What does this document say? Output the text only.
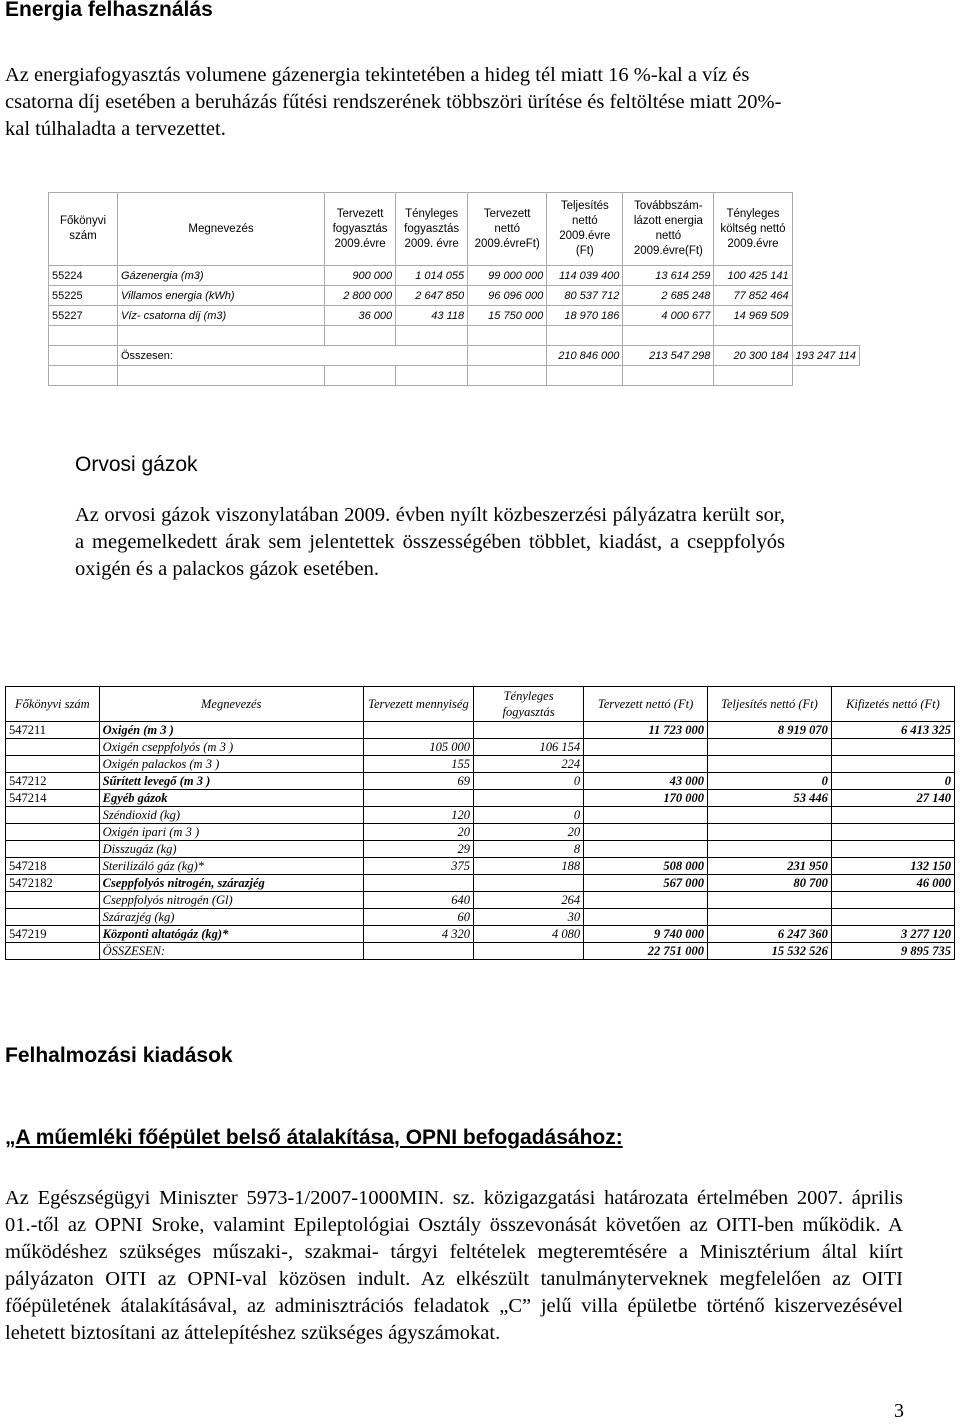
Energia felhasználás
Az energiafogyasztás volumene gázenergia tekintetében a hideg tél miatt 16 %-kal a víz és csatorna díj esetében a beruházás fűtési rendszerének többszöri ürítése és feltöltése miatt 20%-kal túlhaladta a tervezettet.
Főkönyvi szám	Megnevezés	Tervezett fogyasztás 2009.évre	Tényleges fogyasztás 2009. évre	Tervezett nettó 2009.évreFt)	Teljesítés nettó 2009.évre (Ft)	Továbbszám-lázott energia nettó 2009.évre(Ft)	Tényleges költség nettó 2009.évre	
55224	Gázenergia (m3)	900 000	1 014 055	99 000 000	114 039 400	13 614 259	100 425 141	
55225	Villamos energia (kWh)	2 800 000	2 647 850	96 096 000	80 537 712	2 685 248	77 852 464	
55227	Víz- csatorna díj (m3)	36 000	43 118	15 750 000	18 970 186	4 000 677	14 969 509	

	Összesen:				210 846 000	213 547 298	20 300 184	193 247 114

Orvosi gázok
Az orvosi gázok viszonylatában 2009. évben nyílt közbeszerzési pályázatra került sor, a megemelkedett árak sem jelentettek összességében többlet, kiadást, a cseppfolyós oxigén és a palackos gázok esetében.
Főkönyvi szám	Megnevezés	Tervezett mennyiség	Tényleges fogyasztás	Tervezett nettó (Ft)	Teljesítés nettó (Ft)	Kifizetés nettó (Ft)
547211	Oxigén (m 3 )			11 723 000	8 919 070	6 413 325
	Oxigén cseppfolyós (m 3 )	105 000	106 154			
	Oxigén palackos (m 3 )	155	224			
547212	Sűrített levegő (m 3 )	69	0	43 000	0	0
547214	Egyéb gázok			170 000	53 446	27 140
	Széndioxid (kg)	120	0			
	Oxigén ipari (m 3 )	20	20			
	Disszugáz (kg)	29	8			
547218	Sterilizáló gáz (kg)*	375	188	508 000	231 950	132 150
5472182	Cseppfolyós nitrogén, szárazjég			567 000	80 700	46 000
	Cseppfolyós nitrogén (Gl)	640	264			
	Szárazjég (kg)	60	30			
547219	Központi altatógáz (kg)*	4 320	4 080	9 740 000	6 247 360	3 277 120
	ÖSSZESEN:			22 751 000	15 532 526	9 895 735
Felhalmozási kiadások
„A műemléki főépület belső átalakítása, OPNI befogadásához:
Az Egészségügyi Miniszter 5973-1/2007-1000MIN. sz. közigazgatási határozata értelmében 2007. április 01.-től az OPNI Sroke, valamint Epileptológiai Osztály összevonását követően az OITI-ben működik. A működéshez szükséges műszaki-, szakmai- tárgyi feltételek megteremtésére a Minisztérium által kiírt pályázaton OITI az OPNI-val közösen indult. Az elkészült tanulmányterveknek megfelelően az OITI főépületének átalakításával, az adminisztrációs feladatok „C” jelű villa épületbe történő kiszervezésével lehetett biztosítani az áttelepítéshez szükséges ágyszámokat.
3
